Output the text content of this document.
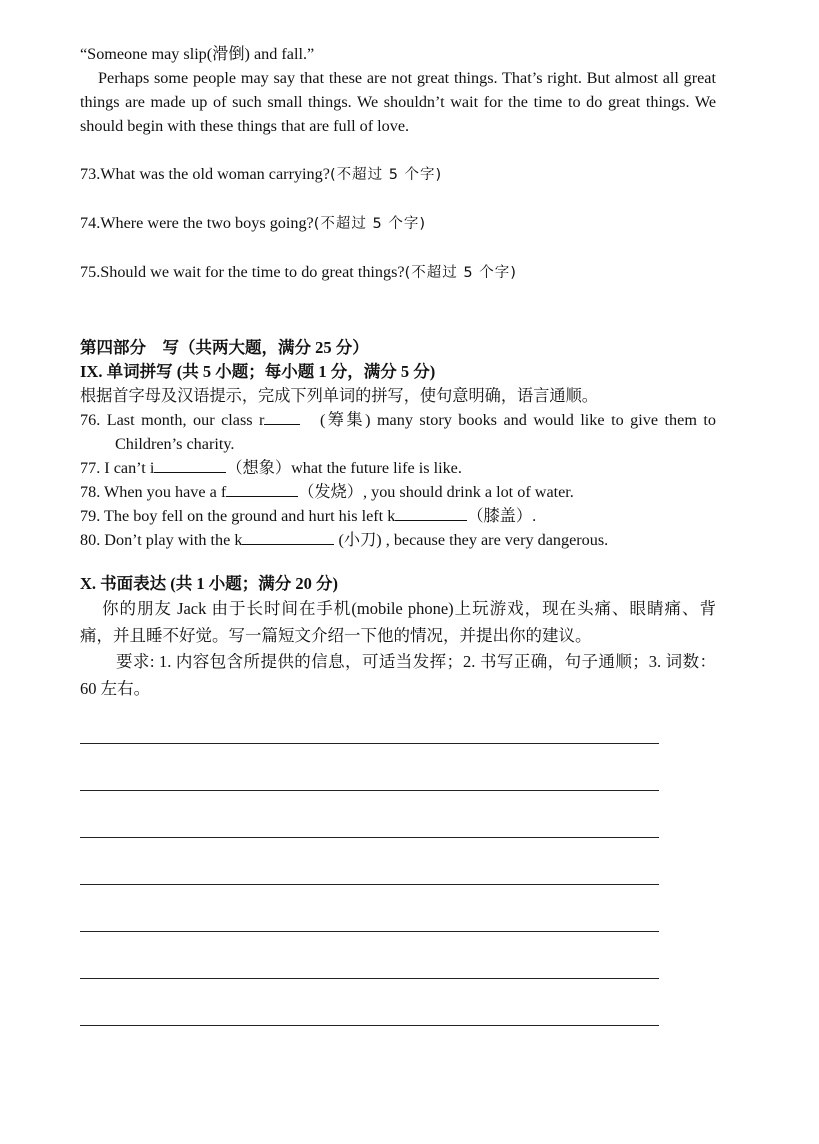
“Someone may slip(滑倒) and fall.”

Perhaps some people may say that these are not great things. That’s right. But almost all great things are made up of such small things. We shouldn’t wait for the time to do great things. We should begin with these things that are full of love.

73.What was the old woman carrying?(不超过 5 个字)

74.Where were the two boys going?(不超过 5 个字)

75.Should we wait for the time to do great things?(不超过 5 个字)

第四部分　写（共两大题，满分 25 分）

IX. 单词拼写 (共 5 小题；每小题 1 分，满分 5 分)

根据首字母及汉语提示，完成下列单词的拼写，使句意明确，语言通顺。

76. Last month, our class r	(筹集) many story books and would like to give them to Children’s charity.

77. I can’t i	（想象）what the future life is like.

78. When you have a f	（发烧）, you should drink a lot of water.

79. The boy fell on the ground and hurt his left k	（膝盖）.

80. Don’t play with the k	(小刀) , because they are very dangerous.

X. 书面表达 (共 1 小题；满分 20 分)

你的朋友 Jack 由于长时间在手机(mobile phone)上玩游戏，现在头痛、眼睛痛、背痛，并且睡不好觉。写一篇短文介绍一下他的情况，并提出你的建议。

要求: 1. 内容包含所提供的信息，可适当发挥；2. 书写正确，句子通顺；3. 词数：60 左右。
